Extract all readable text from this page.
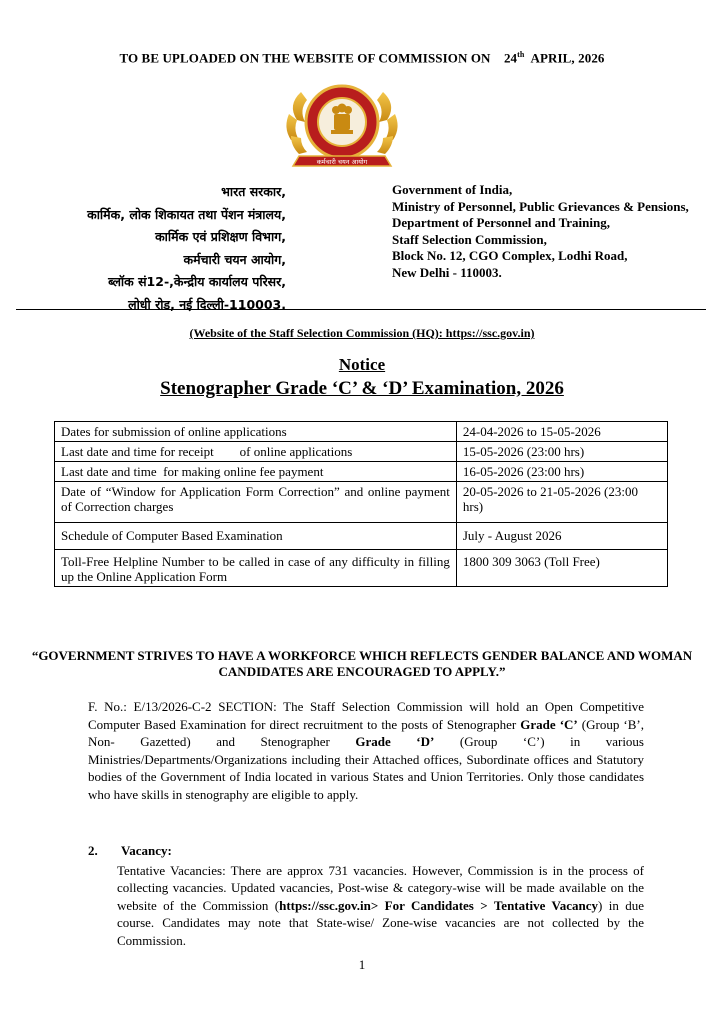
TO BE UPLOADED ON THE WEBSITE OF COMMISSION ON 24th APRIL, 2026
कर्मचारी चयन आयोग
भारत सरकार,
कार्मिक, लोक शिकायत तथा पेंशन मंत्रालय,
कार्मिक एवं प्रशिक्षण विभाग,
कर्मचारी चयन आयोग,
ब्लॉक सं12-,केन्द्रीय कार्यालय परिसर,
लोधी रोड, नई दिल्ली-110003.
Government of India,
Ministry of Personnel, Public Grievances & Pensions,
Department of Personnel and Training,
Staff Selection Commission,
Block No. 12, CGO Complex, Lodhi Road,
New Delhi - 110003.
(Website of the Staff Selection Commission (HQ): https://ssc.gov.in)
Notice
Stenographer Grade ‘C’ & ‘D’ Examination, 2026
Dates for submission of online applications	24-04-2026 to 15-05-2026
Last date and time for receipt        of online applications	15-05-2026 (23:00 hrs)
Last date and time  for making online fee payment	16-05-2026 (23:00 hrs)
Date of “Window for Application Form Correction” and online payment of Correction charges	20-05-2026 to 21-05-2026 (23:00 hrs)
Schedule of Computer Based Examination	July - August 2026
Toll-Free Helpline Number to be called in case of any difficulty in filling up the Online Application Form	1800 309 3063 (Toll Free)
“GOVERNMENT STRIVES TO HAVE A WORKFORCE WHICH REFLECTS GENDER BALANCE AND WOMAN CANDIDATES ARE ENCOURAGED TO APPLY.”
F. No.: E/13/2026-C-2 SECTION: The Staff Selection Commission will hold an Open Competitive Computer Based Examination for direct recruitment to the posts of Stenographer Grade ‘C’ (Group ‘B’, Non- Gazetted) and Stenographer Grade ‘D’ (Group ‘C’) in various Ministries/Departments/Organizations including their Attached offices, Subordinate offices and Statutory bodies of the Government of India located in various States and Union Territories. Only those candidates who have skills in stenography are eligible to apply.
2. Vacancy:
Tentative Vacancies: There are approx 731 vacancies. However, Commission is in the process of collecting vacancies. Updated vacancies, Post-wise & category-wise will be made available on the website of the Commission (https://ssc.gov.in> For Candidates > Tentative Vacancy) in due course. Candidates may note that State-wise/ Zone-wise vacancies are not collected by the Commission.
1
